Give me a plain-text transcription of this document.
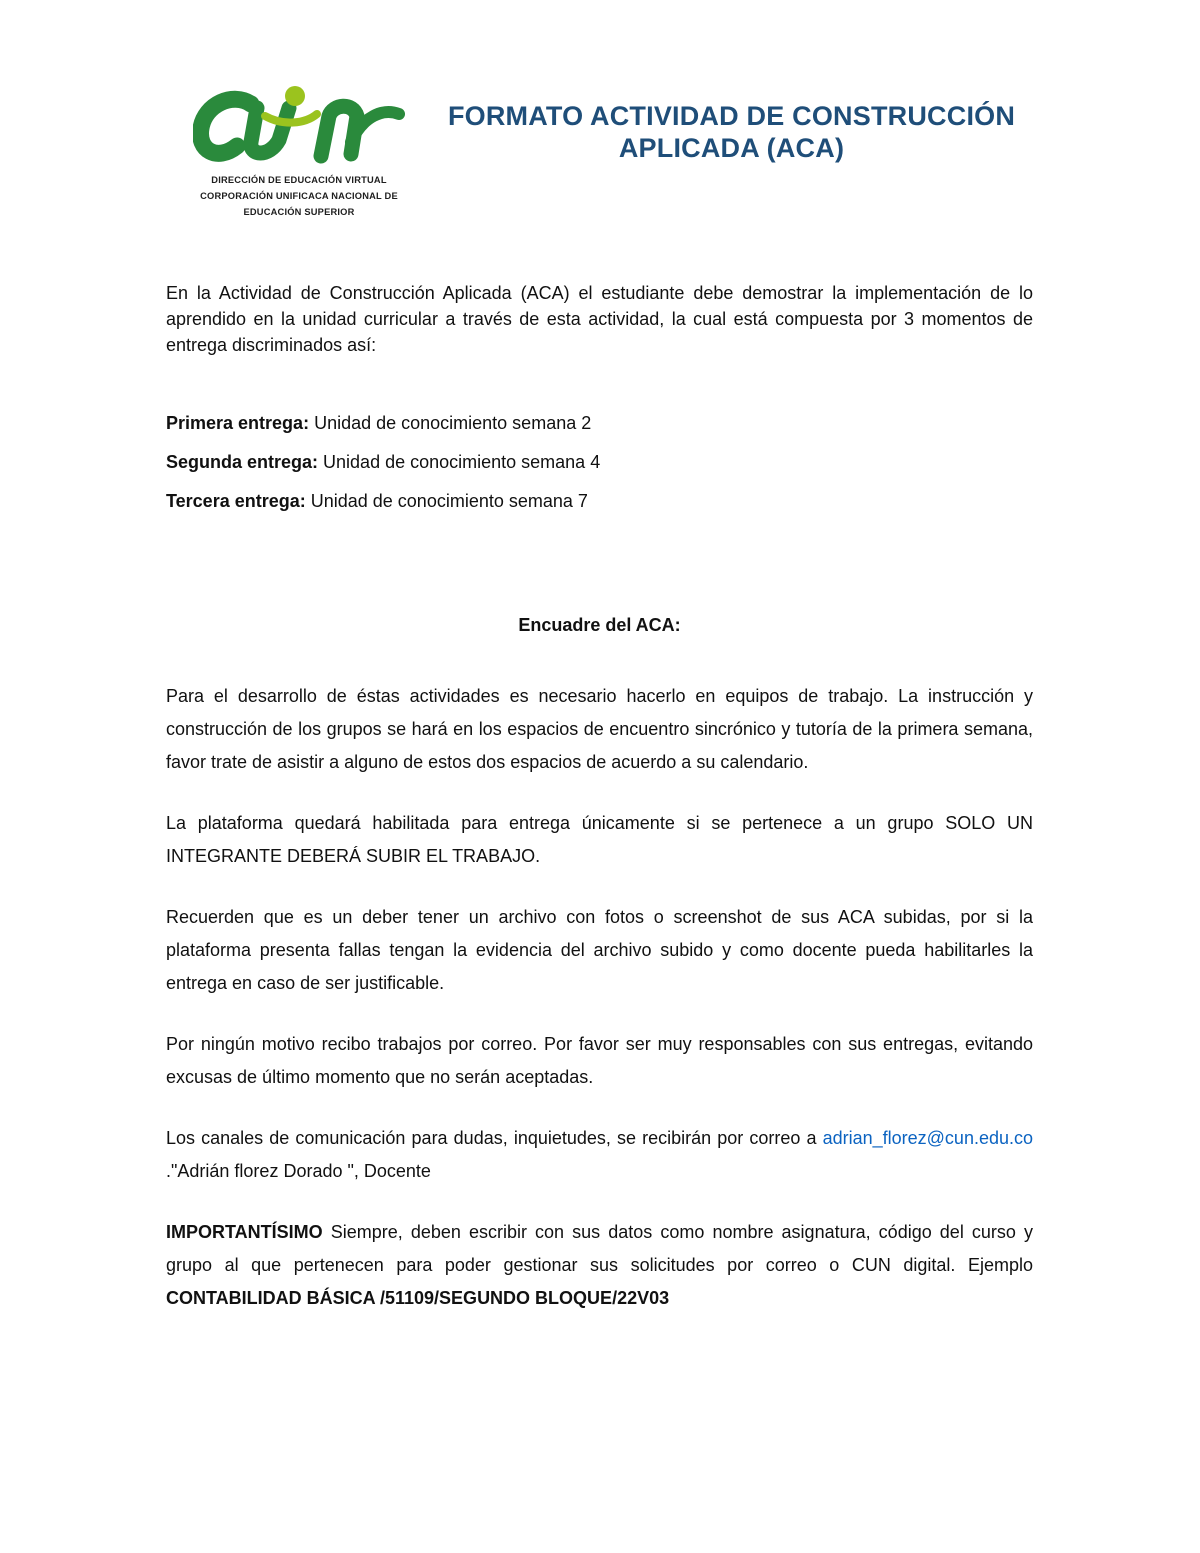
DIRECCIÓN DE EDUCACIÓN VIRTUAL
CORPORACIÓN UNIFICACA NACIONAL DE
EDUCACIÓN SUPERIOR
FORMATO ACTIVIDAD DE CONSTRUCCIÓN
APLICADA (ACA)

En la Actividad de Construcción Aplicada (ACA) el estudiante debe demostrar la implementación de lo aprendido en la unidad curricular a través de esta actividad, la cual está compuesta por 3 momentos de entrega discriminados así:

Primera entrega: Unidad de conocimiento semana 2

Segunda entrega: Unidad de conocimiento semana 4

Tercera entrega: Unidad de conocimiento semana 7

Encuadre del ACA:

Para el desarrollo de éstas actividades es necesario hacerlo en equipos de trabajo. La instrucción y construcción de los grupos se hará en los espacios de encuentro sincrónico y tutoría de la primera semana, favor trate de asistir a alguno de estos dos espacios de acuerdo a su calendario.

La plataforma quedará habilitada para entrega únicamente si se pertenece a un grupo SOLO UN INTEGRANTE DEBERÁ SUBIR EL TRABAJO.

Recuerden que es un deber tener un archivo con fotos o screenshot de sus ACA subidas, por si la plataforma presenta fallas tengan la evidencia del archivo subido y como docente pueda habilitarles la entrega en caso de ser justificable.

Por ningún motivo recibo trabajos por correo. Por favor ser muy responsables con sus entregas, evitando excusas de último momento que no serán aceptadas.

Los canales de comunicación para dudas, inquietudes, se recibirán por correo a adrian_florez@cun.edu.co ."Adrián florez Dorado ", Docente

IMPORTANTÍSIMO Siempre, deben escribir con sus datos como nombre asignatura, código del curso y grupo al que pertenecen para poder gestionar sus solicitudes por correo o CUN digital. Ejemplo CONTABILIDAD BÁSICA /51109/SEGUNDO BLOQUE/22V03
